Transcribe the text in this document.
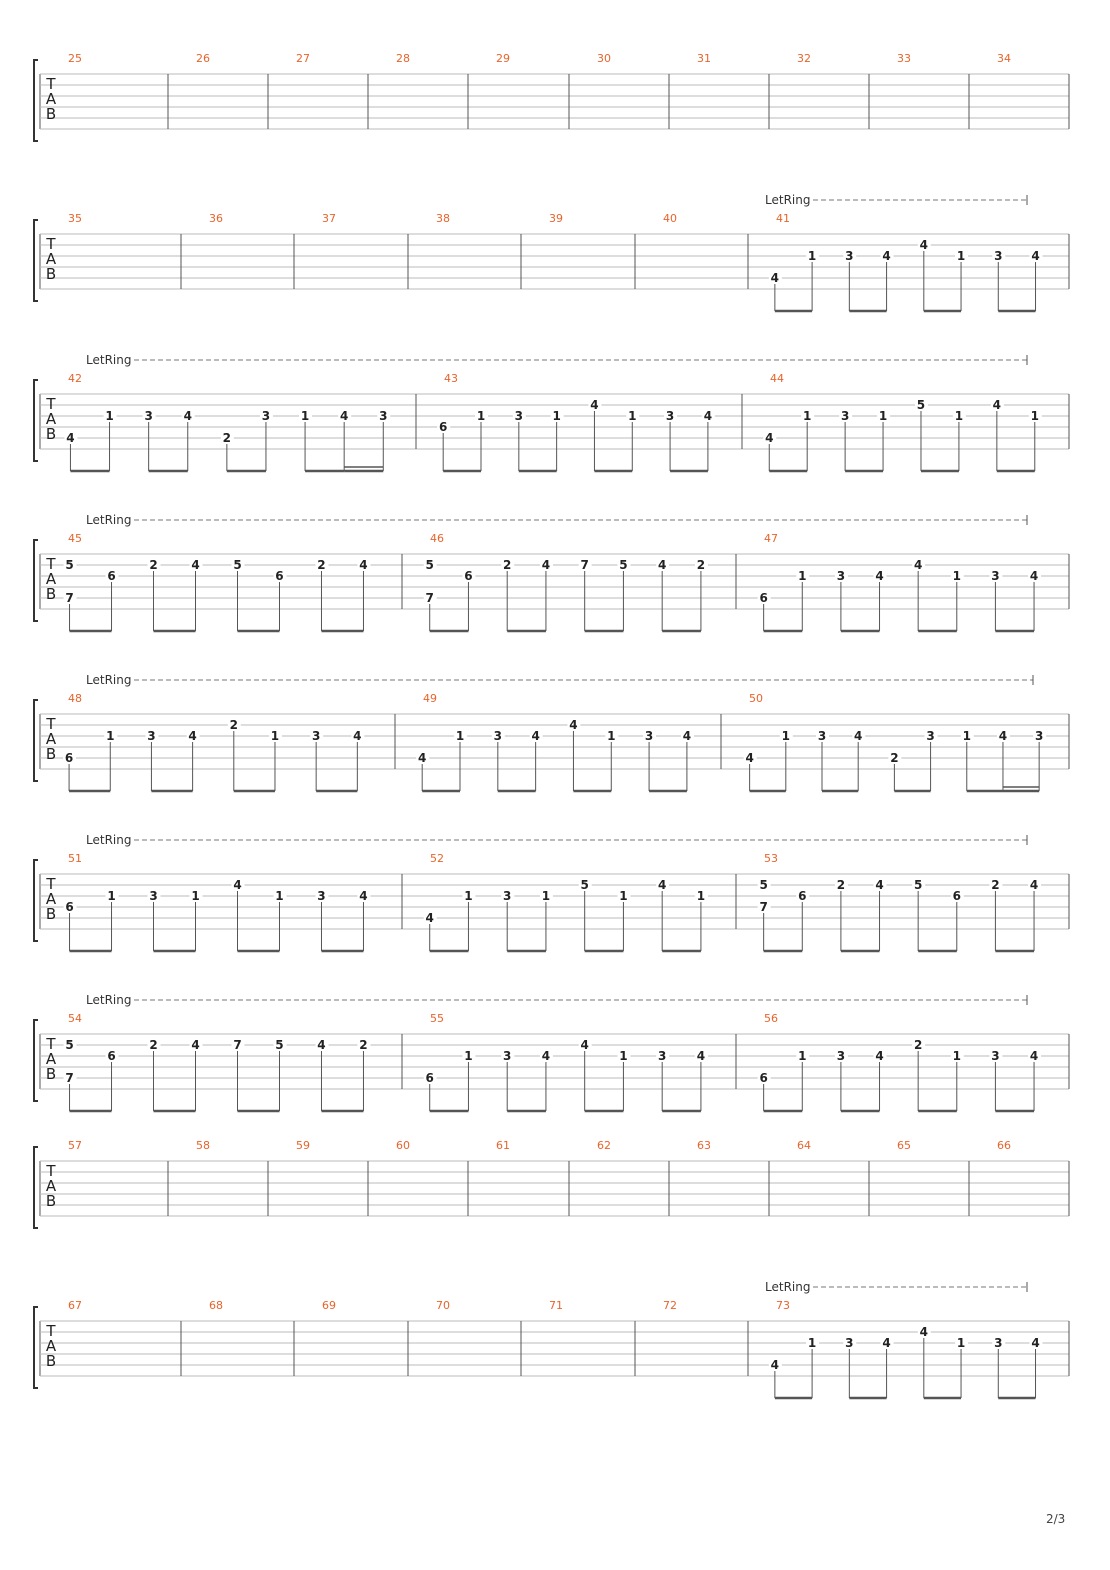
T
A
B
25	26	27	28	29	30	31	32	33	34
T
A
B
LetRing
35	36	37	38	39	40	41
4
1 3 4
4
1 3 4
T
A
B
LetRing
42
4
1	3	4
2
3	1	4	3
43
6
1 3 1
4
1 3 4
44
4
1 3 1
5
1
4
1
T
A
B
LetRing
45
5
7
6
2	4	5
6
2	4
46
5
7
6
2	4	7	5	4	2
47
6
1	3	4
4
1	3	4
T
A
B
LetRing
48
6
1	3	4
2
1	3	4
49
4
1 3 4
4
1 3 4
50
4
1 3 4
2
3 1 4 3
T
A
B
LetRing
51
6
1	3	1
4
1	3	4
52
4
1	3	1
5
1
4
1
53
5
7
6
2	4	5
6
2	4
T
A
B
LetRing
54
5
7
6
2	4	7	5	4	2
55
6
1	3	4
4
1	3	4
56
6
1	3	4
2
1	3	4
T
A
B
57	58	59	60	61	62	63	64	65	66
T
A
B
LetRing
67	68	69	70	71	72	73
4
1 3 4
4
1 3 4
2/3
